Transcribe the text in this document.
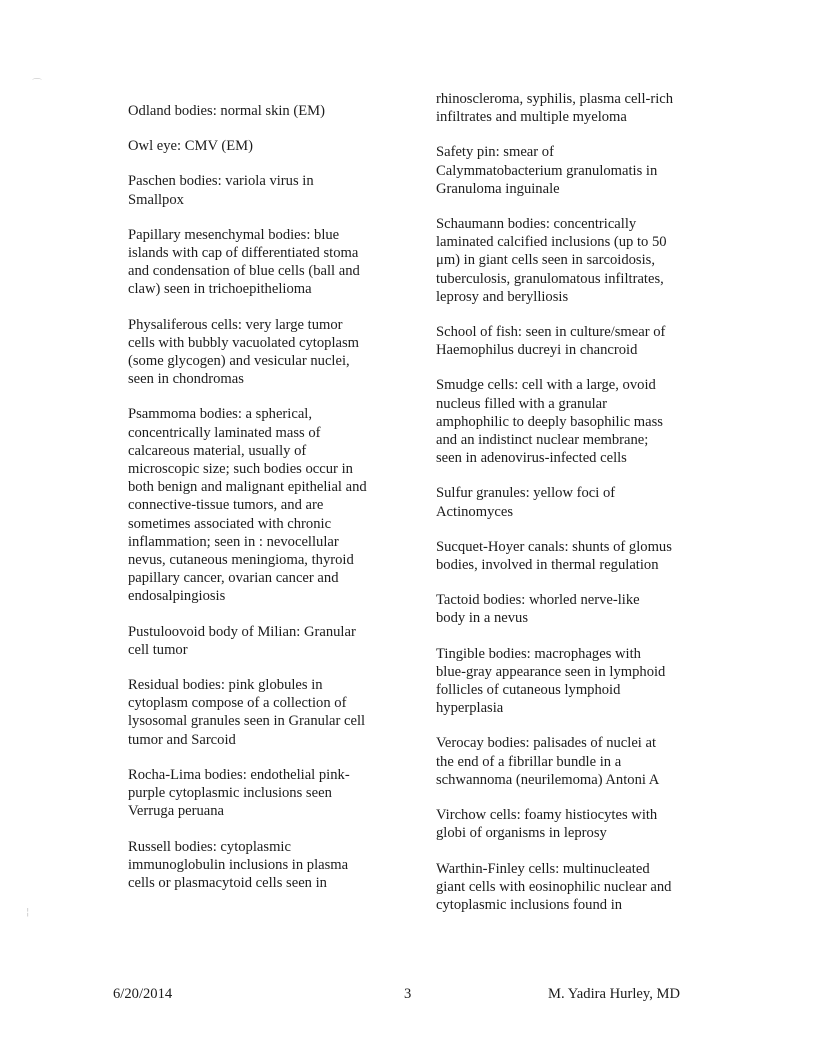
⌒
¦

Odland bodies: normal skin (EM)

Owl eye: CMV (EM)

Paschen bodies: variola virus in
Smallpox

Papillary mesenchymal bodies: blue
islands with cap of differentiated stoma
and condensation of blue cells (ball and
claw) seen in trichoepithelioma

Physaliferous cells: very large tumor
cells with bubbly vacuolated cytoplasm
(some glycogen) and vesicular nuclei,
seen in chondromas

Psammoma bodies: a spherical,
concentrically laminated mass of
calcareous material, usually of
microscopic size; such bodies occur in
both benign and malignant epithelial and
connective-tissue tumors, and are
sometimes associated with chronic
inflammation; seen in : nevocellular
nevus, cutaneous meningioma, thyroid
papillary cancer, ovarian cancer and
endosalpingiosis

Pustuloovoid body of Milian: Granular
cell tumor

Residual bodies: pink globules in
cytoplasm compose of a collection of
lysosomal granules seen in Granular cell
tumor and Sarcoid

Rocha-Lima bodies: endothelial pink-
purple cytoplasmic inclusions seen
Verruga peruana

Russell bodies: cytoplasmic
immunoglobulin inclusions in plasma
cells or plasmacytoid cells seen in

rhinoscleroma, syphilis, plasma cell-rich
infiltrates and multiple myeloma

Safety pin: smear of
Calymmatobacterium granulomatis in
Granuloma inguinale

Schaumann bodies: concentrically
laminated calcified inclusions (up to 50
μm) in giant cells seen in sarcoidosis,
tuberculosis, granulomatous infiltrates,
leprosy and berylliosis

School of fish: seen in culture/smear of
Haemophilus ducreyi in chancroid

Smudge cells: cell with a large, ovoid
nucleus filled with a granular
amphophilic to deeply basophilic mass
and an indistinct nuclear membrane;
seen in adenovirus-infected cells

Sulfur granules: yellow foci of
Actinomyces

Sucquet-Hoyer canals: shunts of glomus
bodies, involved in thermal regulation

Tactoid bodies: whorled nerve-like
body in a nevus

Tingible bodies: macrophages with
blue-gray appearance seen in lymphoid
follicles of cutaneous lymphoid
hyperplasia

Verocay bodies: palisades of nuclei at
the end of a fibrillar bundle in a
schwannoma (neurilemoma) Antoni A

Virchow cells: foamy histiocytes with
globi of organisms in leprosy

Warthin-Finley cells: multinucleated
giant cells with eosinophilic nuclear and
cytoplasmic inclusions found in

6/20/2014	3	M. Yadira Hurley, MD
